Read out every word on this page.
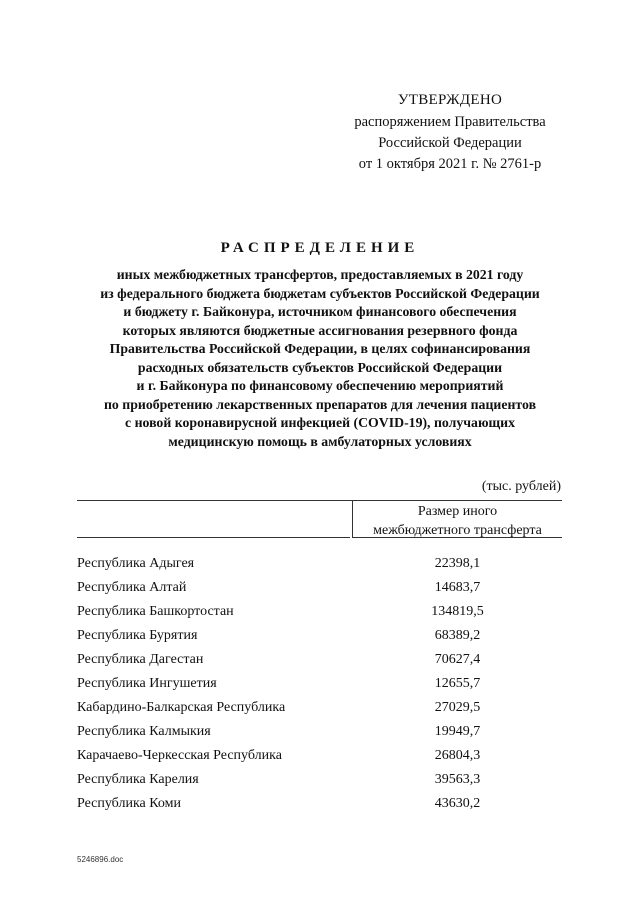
УТВЕРЖДЕНО
распоряжением Правительства
Российской Федерации
от 1 октября 2021 г. № 2761-р
РАСПРЕДЕЛЕНИЕ
иных межбюджетных трансфертов, предоставляемых в 2021 году
из федерального бюджета бюджетам субъектов Российской Федерации
и бюджету г. Байконура, источником финансового обеспечения
которых являются бюджетные ассигнования резервного фонда
Правительства Российской Федерации, в целях софинансирования
расходных обязательств субъектов Российской Федерации
и г. Байконура по финансовому обеспечению мероприятий
по приобретению лекарственных препаратов для лечения пациентов
с новой коронавирусной инфекцией (COVID-19), получающих
медицинскую помощь в амбулаторных условиях
(тыс. рублей)
Размер иного
межбюджетного трансферта
Республика Адыгея	22398,1
Республика Алтай	14683,7
Республика Башкортостан	134819,5
Республика Бурятия	68389,2
Республика Дагестан	70627,4
Республика Ингушетия	12655,7
Кабардино-Балкарская Республика	27029,5
Республика Калмыкия	19949,7
Карачаево-Черкесская Республика	26804,3
Республика Карелия	39563,3
Республика Коми	43630,2
5246896.doc
